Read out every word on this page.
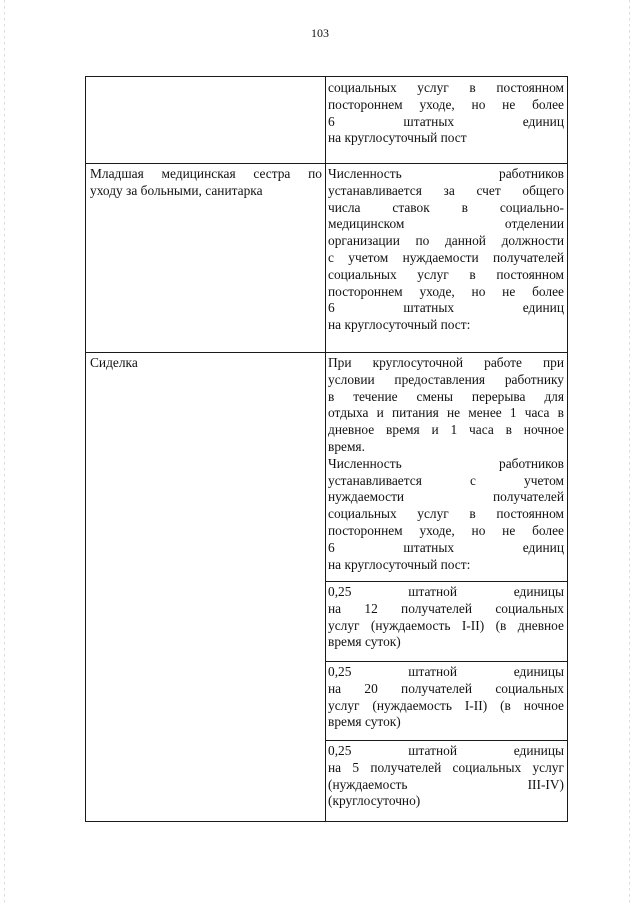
103
социальных услуг в постоянном
постороннем уходе, но не более
6 штатных единиц
на круглосуточный пост
Младшая медицинская сестра по
уходу за больными, санитарка
Численность работников
устанавливается за счет общего
числа ставок в социально-
медицинском отделении
организации по данной должности
с учетом нуждаемости получателей
социальных услуг в постоянном
постороннем уходе, но не более
6 штатных единиц
на круглосуточный пост:
Сиделка	При круглосуточной работе при
условии предоставления работнику
в течение смены перерыва для
отдыха и питания не менее 1 часа в
дневное время и 1 часа в ночное
время.
Численность работников
устанавливается с учетом
нуждаемости получателей
социальных услуг в постоянном
постороннем уходе, но не более
6 штатных единиц
на круглосуточный пост:
0,25 штатной единицы
на 12 получателей социальных
услуг (нуждаемость I-II) (в дневное
время суток)
0,25 штатной единицы
на 20 получателей социальных
услуг (нуждаемость I-II) (в ночное
время суток)
0,25 штатной единицы
на 5 получателей социальных услуг
(нуждаемость III-IV)
(круглосуточно)
